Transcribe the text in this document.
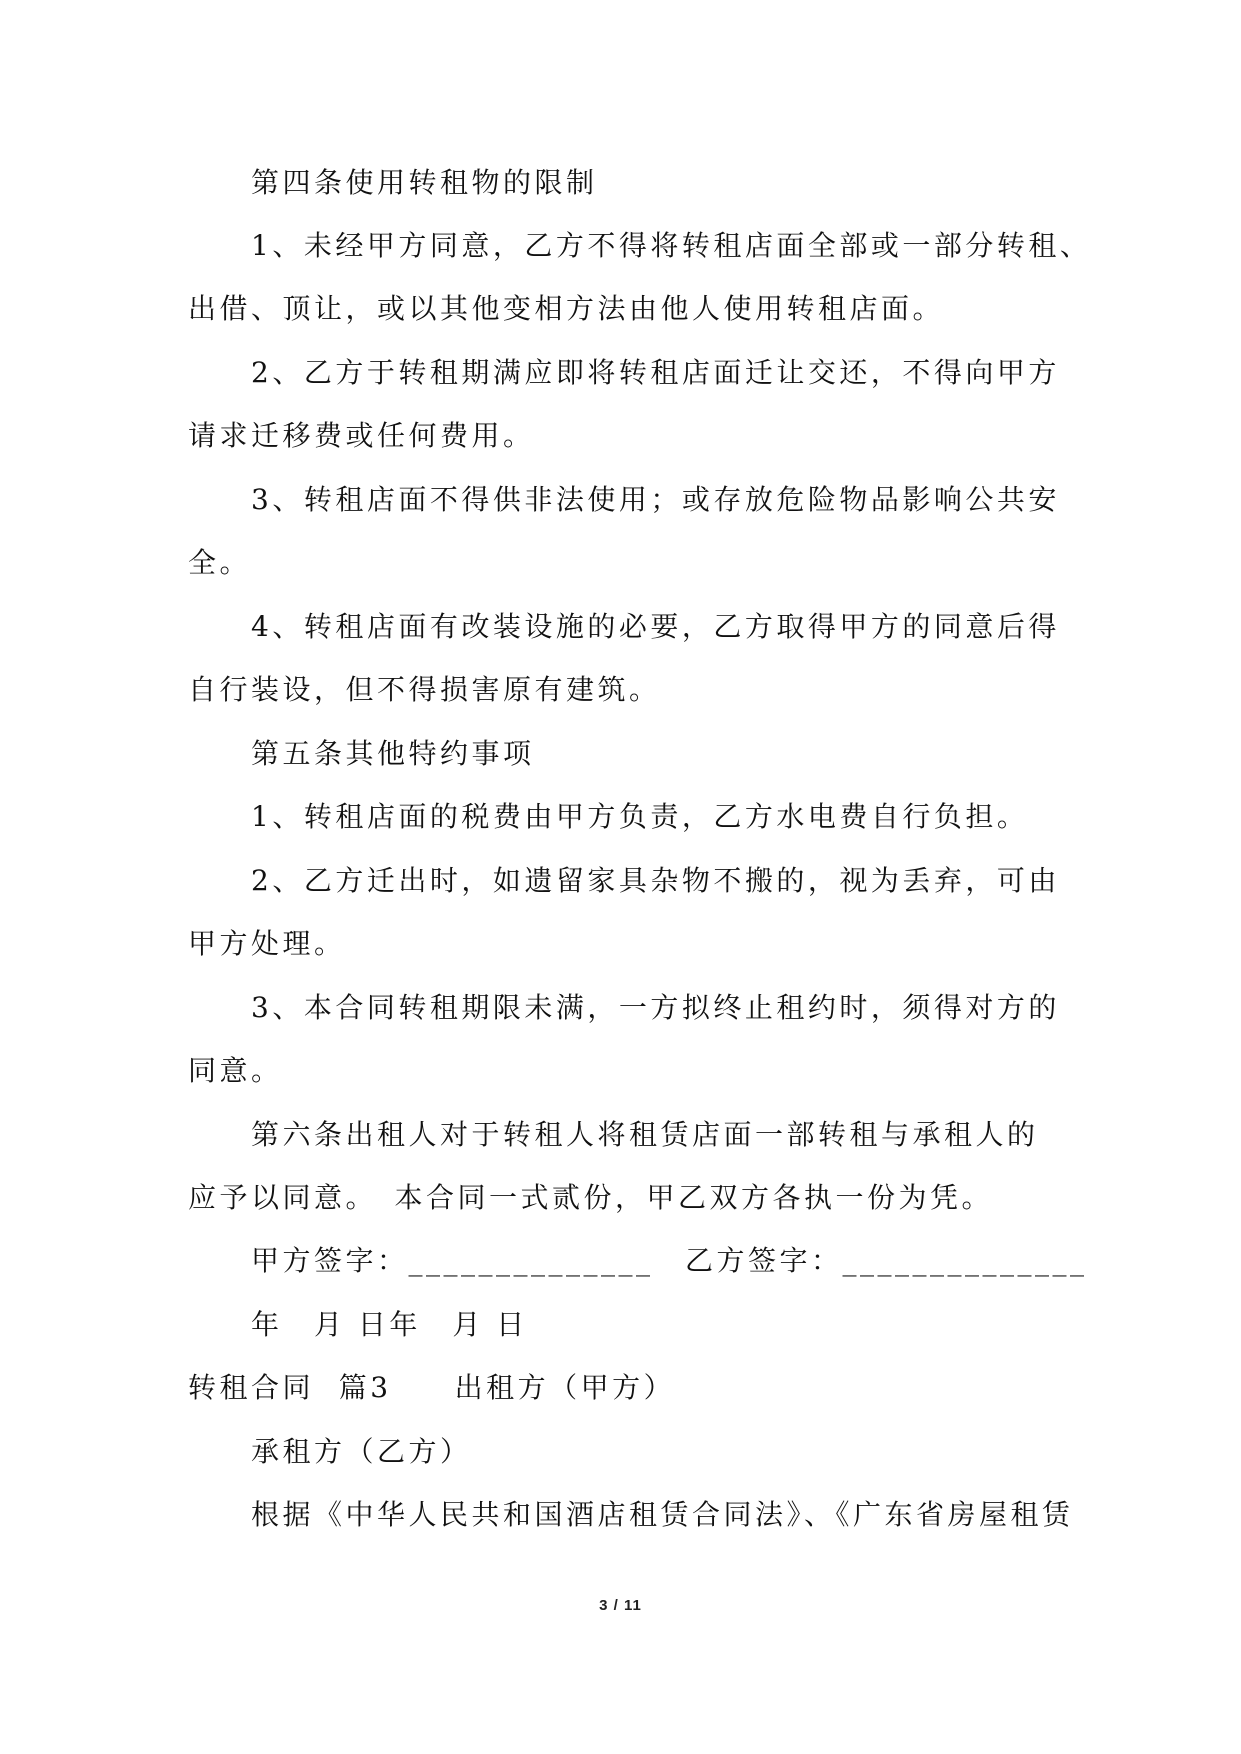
第四条使用转租物的限制
1、未经甲方同意，乙方不得将转租店面全部或一部分转租、
出借、顶让，或以其他变相方法由他人使用转租店面。
2、乙方于转租期满应即将转租店面迁让交还，不得向甲方
请求迁移费或任何费用。
3、转租店面不得供非法使用；或存放危险物品影响公共安
全。
4、转租店面有改装设施的必要，乙方取得甲方的同意后得
自行装设，但不得损害原有建筑。
第五条其他特约事项
1、转租店面的税费由甲方负责，乙方水电费自行负担。
2、乙方迁出时，如遗留家具杂物不搬的，视为丢弃，可由
甲方处理。
3、本合同转租期限未满，一方拟终止租约时，须得对方的
同意。
第六条出租人对于转租人将租赁店面一部转租与承租人的
应予以同意。　本合同一式贰份，甲乙双方各执一份为凭。
甲方签字：______________　乙方签字：______________
年　月 日年　月 日
转租合同  篇3　　出租方（甲方）
承租方（乙方）
根据《中华人民共和国酒店租赁合同法》、《广东省房屋租赁
3 / 11
